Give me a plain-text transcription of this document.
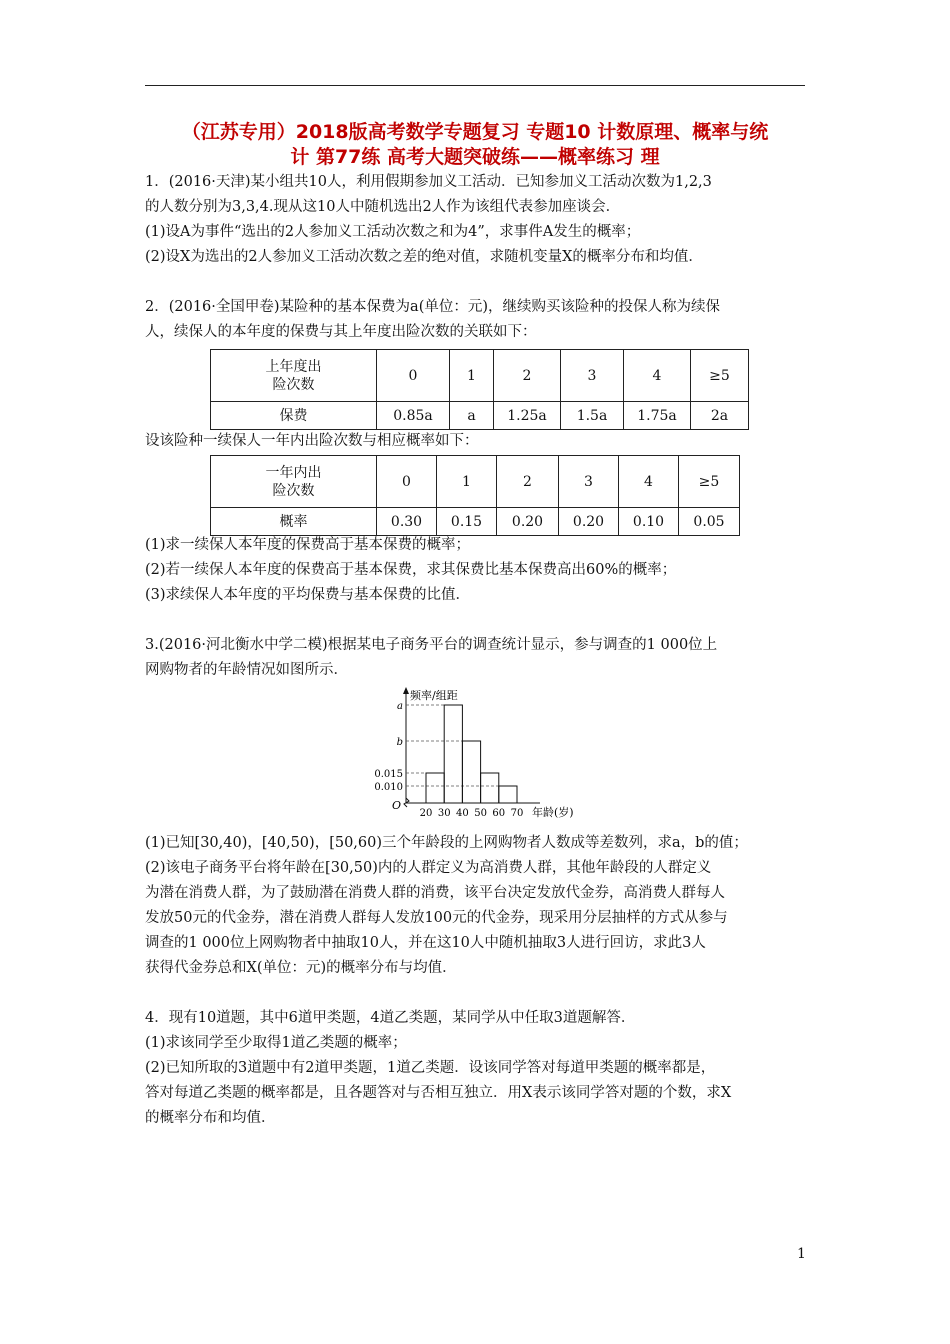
（江苏专用）2018版高考数学专题复习 专题10 计数原理、概率与统
计 第77练 高考大题突破练——概率练习 理
1．(2016·天津)某小组共10人，利用假期参加义工活动．已知参加义工活动次数为1,2,3
的人数分别为3,3,4.现从这10人中随机选出2人作为该组代表参加座谈会．
(1)设A为事件“选出的2人参加义工活动次数之和为4”，求事件A发生的概率；
(2)设X为选出的2人参加义工活动次数之差的绝对值，求随机变量X的概率分布和均值．
2．(2016·全国甲卷)某险种的基本保费为a(单位：元)，继续购买该险种的投保人称为续保
人，续保人的本年度的保费与其上年度出险次数的关联如下：
上年度出
险次数	0	1	2	3	4	≥5
保费	0.85a	a	1.25a	1.5a	1.75a	2a
设该险种一续保人一年内出险次数与相应概率如下：
一年内出
险次数	0	1	2	3	4	≥5
概率	0.30	0.15	0.20	0.20	0.10	0.05
(1)求一续保人本年度的保费高于基本保费的概率；
(2)若一续保人本年度的保费高于基本保费，求其保费比基本保费高出60%的概率；
(3)求续保人本年度的平均保费与基本保费的比值．
3.(2016·河北衡水中学二模)根据某电子商务平台的调查统计显示，参与调查的1 000位上
网购物者的年龄情况如图所示．
频率/组距
O
年龄(岁)
a
b
0.015
0.010
20 30 40 50 60 70
(1)已知[30,40)，[40,50)，[50,60)三个年龄段的上网购物者人数成等差数列，求a，b的值；
(2)该电子商务平台将年龄在[30,50)内的人群定义为高消费人群，其他年龄段的人群定义
为潜在消费人群，为了鼓励潜在消费人群的消费，该平台决定发放代金券，高消费人群每人
发放50元的代金券，潜在消费人群每人发放100元的代金券，现采用分层抽样的方式从参与
调查的1 000位上网购物者中抽取10人，并在这10人中随机抽取3人进行回访，求此3人
获得代金券总和X(单位：元)的概率分布与均值．
4．现有10道题，其中6道甲类题，4道乙类题，某同学从中任取3道题解答．
(1)求该同学至少取得1道乙类题的概率；
(2)已知所取的3道题中有2道甲类题，1道乙类题．设该同学答对每道甲类题的概率都是，
答对每道乙类题的概率都是，且各题答对与否相互独立．用X表示该同学答对题的个数，求X
的概率分布和均值．
1
